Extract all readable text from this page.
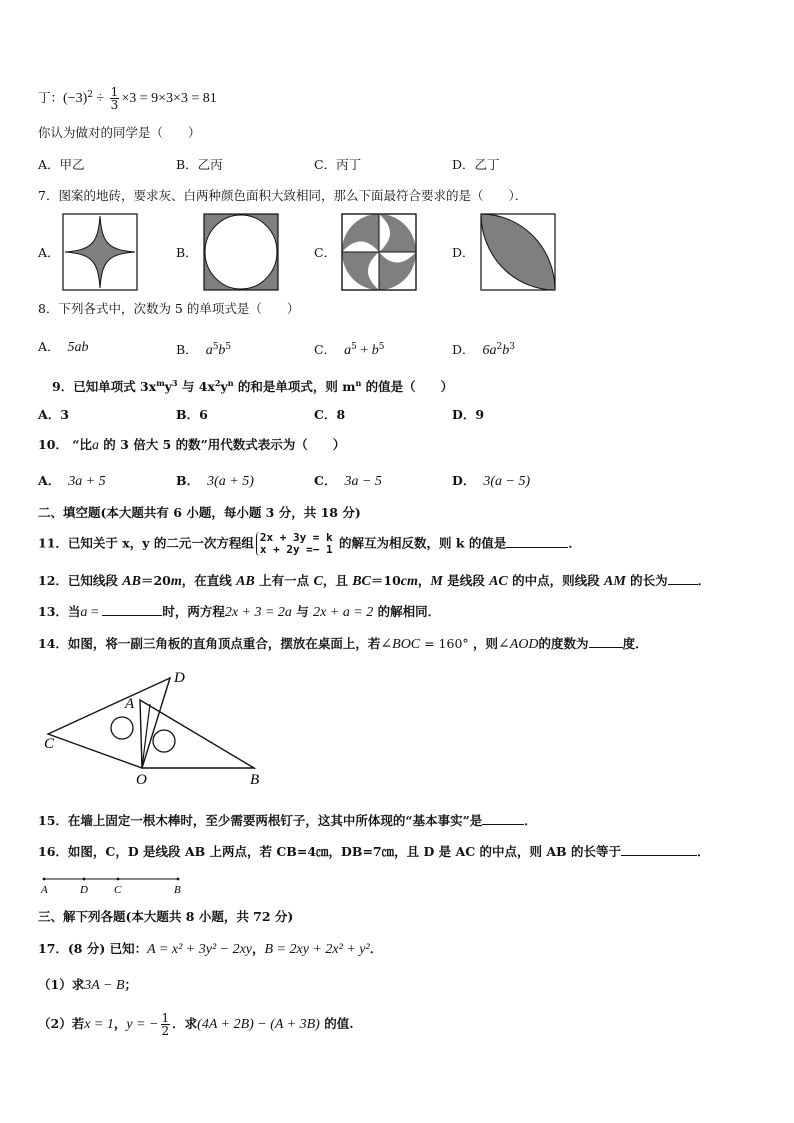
丁：$(-3)^2 \div \frac{1}{3} \times 3 = 9\times 3\times 3 = 81$
你认为做对的同学是（　　）
A．甲乙	B．乙丙	C．丙丁	D．乙丁
7．图案的地砖，要求灰、白两种颜色面积大致相同，那么下面最符合要求的是（　　）．
A．	B．	C．	D．
8．下列各式中，次数为 5 的单项式是（　　）
A． 5ab	B． $a^5b^5$	C． $a^5 + b^5$	D． $6a^2b^3$
9．已知单项式 $3x^my^3$ 与 $4x^2y^n$ 的和是单项式，则 $m^n$ 的值是（　　）
A．3	B．6	C．8	D．9
10． “比a 的 3 倍大 5 的数”用代数式表示为（　　）
A． 3a + 5	B． 3(a + 5)	C． 3a − 5	D． 3(a − 5)
二、填空题(本大题共有 6 小题，每小题 3 分，共 18 分)
11．已知关于 x，y 的二元一次方程组 2x + 3y = k
x + 2y =− 1 的解互为相反数，则 k 的值是	．
12．已知线段 AB＝20m，在直线 AB 上有一点 C，且 BC＝10cm，M 是线段 AC 的中点，则线段 AM 的长为 ．
13．当a =	时，两方程2x + 3 = 2a 与 2x + a = 2 的解相同．
14．如图，将一副三角板的直角顶点重合，摆放在桌面上，若∠BOC = 160° ，则∠AOD的度数为	度．
D
A
C
O	B
15．在墙上固定一根木棒时，至少需要两根钉子，这其中所体现的“基本事实”是	．
16．如图，C，D 是线段 AB 上两点，若 CB=4㎝，DB=7㎝，且 D 是 AC 的中点，则 AB 的长等于	．
A	D C	B
三、解下列各题(本大题共 8 小题，共 72 分)
17．(8 分) 已知：A = x² + 3y² − 2xy，B = 2xy + 2x² + y²．
（1）求3A − B；
（2）若x = 1，y = − $\frac{1}{2}$ ．求(4A + 2B) − (A + 3B) 的值.
